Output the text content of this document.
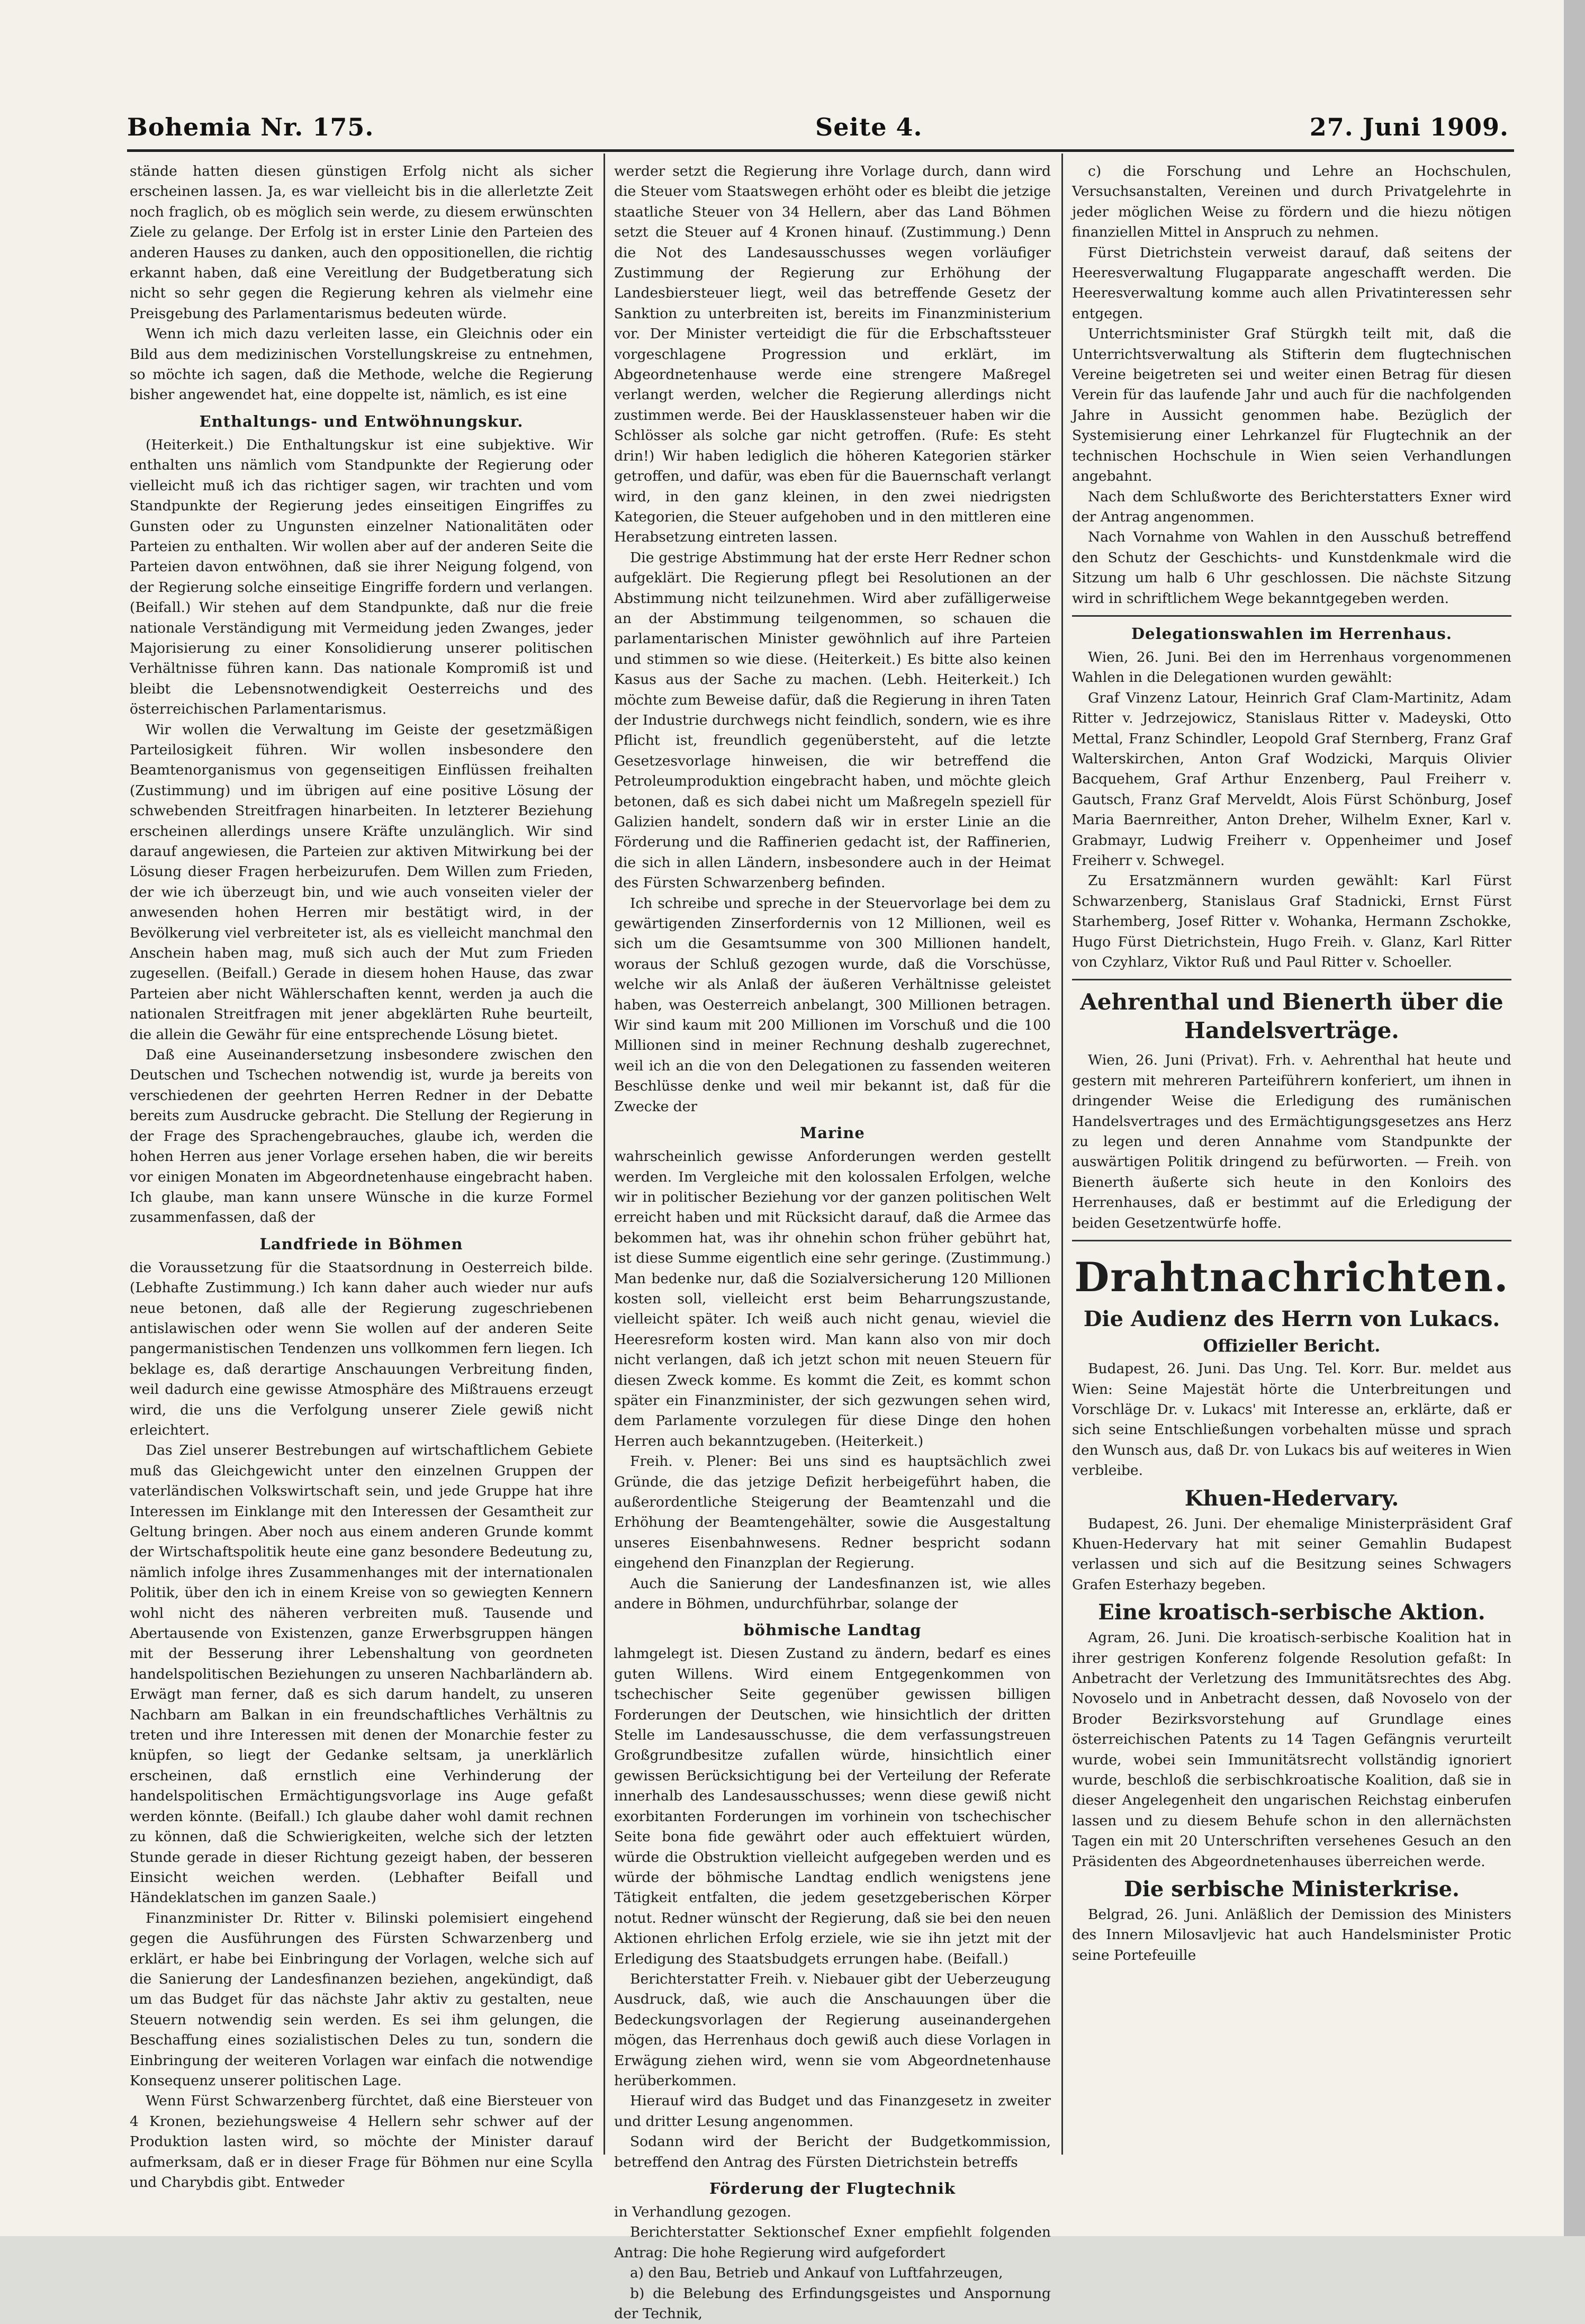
Bohemia Nr. 175.	Seite 4.	27. Juni 1909.

stände hatten diesen günstigen Erfolg nicht als sicher erscheinen lassen. Ja, es war vielleicht bis in die allerletzte Zeit noch fraglich, ob es möglich sein werde, zu diesem erwünschten Ziele zu gelange. Der Erfolg ist in erster Linie den Parteien des anderen Hauses zu danken, auch den oppositionellen, die richtig erkannt haben, daß eine Vereitlung der Budgetberatung sich nicht so sehr gegen die Regierung kehren als vielmehr eine Preisgebung des Parlamentarismus bedeuten würde.

Wenn ich mich dazu verleiten lasse, ein Gleichnis oder ein Bild aus dem medizinischen Vorstellungskreise zu entnehmen, so möchte ich sagen, daß die Methode, welche die Regierung bisher angewendet hat, eine doppelte ist, nämlich, es ist eine

Enthaltungs- und Entwöhnungskur.

(Heiterkeit.) Die Enthaltungskur ist eine subjektive. Wir enthalten uns nämlich vom Standpunkte der Regierung oder vielleicht muß ich das richtiger sagen, wir trachten und vom Standpunkte der Regierung jedes einseitigen Eingriffes zu Gunsten oder zu Ungunsten einzelner Nationalitäten oder Parteien zu enthalten. Wir wollen aber auf der anderen Seite die Parteien davon entwöhnen, daß sie ihrer Neigung folgend, von der Regierung solche einseitige Eingriffe fordern und verlangen. (Beifall.) Wir stehen auf dem Standpunkte, daß nur die freie nationale Verständigung mit Vermeidung jeden Zwanges, jeder Majorisierung zu einer Konsolidierung unserer politischen Verhältnisse führen kann. Das nationale Kompromiß ist und bleibt die Lebensnotwendigkeit Oesterreichs und des österreichischen Parlamentarismus.

Wir wollen die Verwaltung im Geiste der gesetzmäßigen Parteilosigkeit führen. Wir wollen insbesondere den Beamtenorganismus von gegenseitigen Einflüssen freihalten (Zustimmung) und im übrigen auf eine positive Lösung der schwebenden Streitfragen hinarbeiten. In letzterer Beziehung erscheinen allerdings unsere Kräfte unzulänglich. Wir sind darauf angewiesen, die Parteien zur aktiven Mitwirkung bei der Lösung dieser Fragen herbeizurufen. Dem Willen zum Frieden, der wie ich überzeugt bin, und wie auch vonseiten vieler der anwesenden hohen Herren mir bestätigt wird, in der Bevölkerung viel verbreiteter ist, als es vielleicht manchmal den Anschein haben mag, muß sich auch der Mut zum Frieden zugesellen. (Beifall.) Gerade in diesem hohen Hause, das zwar Parteien aber nicht Wählerschaften kennt, werden ja auch die nationalen Streitfragen mit jener abgeklärten Ruhe beurteilt, die allein die Gewähr für eine entsprechende Lösung bietet.

Daß eine Auseinandersetzung insbesondere zwischen den Deutschen und Tschechen notwendig ist, wurde ja bereits von verschiedenen der geehrten Herren Redner in der Debatte bereits zum Ausdrucke gebracht. Die Stellung der Regierung in der Frage des Sprachengebrauches, glaube ich, werden die hohen Herren aus jener Vorlage ersehen haben, die wir bereits vor einigen Monaten im Abgeordnetenhause eingebracht haben. Ich glaube, man kann unsere Wünsche in die kurze Formel zusammenfassen, daß der

Landfriede in Böhmen

die Voraussetzung für die Staatsordnung in Oesterreich bilde. (Lebhafte Zustimmung.) Ich kann daher auch wieder nur aufs neue betonen, daß alle der Regierung zugeschriebenen antislawischen oder wenn Sie wollen auf der anderen Seite pangermanistischen Tendenzen uns vollkommen fern liegen. Ich beklage es, daß derartige Anschauungen Verbreitung finden, weil dadurch eine gewisse Atmosphäre des Mißtrauens erzeugt wird, die uns die Verfolgung unserer Ziele gewiß nicht erleichtert.

Das Ziel unserer Bestrebungen auf wirtschaftlichem Gebiete muß das Gleichgewicht unter den einzelnen Gruppen der vaterländischen Volkswirtschaft sein, und jede Gruppe hat ihre Interessen im Einklange mit den Interessen der Gesamtheit zur Geltung bringen. Aber noch aus einem anderen Grunde kommt der Wirtschaftspolitik heute eine ganz besondere Bedeutung zu, nämlich infolge ihres Zusammenhanges mit der internationalen Politik, über den ich in einem Kreise von so gewiegten Kennern wohl nicht des näheren verbreiten muß. Tausende und Abertausende von Existenzen, ganze Erwerbsgruppen hängen mit der Besserung ihrer Lebenshaltung von geordneten handelspolitischen Beziehungen zu unseren Nachbarländern ab. Erwägt man ferner, daß es sich darum handelt, zu unseren Nachbarn am Balkan in ein freundschaftliches Verhältnis zu treten und ihre Interessen mit denen der Monarchie fester zu knüpfen, so liegt der Gedanke seltsam, ja unerklärlich erscheinen, daß ernstlich eine Verhinderung der handelspolitischen Ermächtigungsvorlage ins Auge gefaßt werden könnte. (Beifall.) Ich glaube daher wohl damit rechnen zu können, daß die Schwierigkeiten, welche sich der letzten Stunde gerade in dieser Richtung gezeigt haben, der besseren Einsicht weichen werden. (Lebhafter Beifall und Händeklatschen im ganzen Saale.)

Finanzminister Dr. Ritter v. Bilinski polemisiert eingehend gegen die Ausführungen des Fürsten Schwarzenberg und erklärt, er habe bei Einbringung der Vorlagen, welche sich auf die Sanierung der Landesfinanzen beziehen, angekündigt, daß um das Budget für das nächste Jahr aktiv zu gestalten, neue Steuern notwendig sein werden. Es sei ihm gelungen, die Beschaffung eines sozialistischen Deles zu tun, sondern die Einbringung der weiteren Vorlagen war einfach die notwendige Konsequenz unserer politischen Lage.

Wenn Fürst Schwarzenberg fürchtet, daß eine Biersteuer von 4 Kronen, beziehungsweise 4 Hellern sehr schwer auf der Produktion lasten wird, so möchte der Minister darauf aufmerksam, daß er in dieser Frage für Böhmen nur eine Scylla und Charybdis gibt. Entweder

werder setzt die Regierung ihre Vorlage durch, dann wird die Steuer vom Staatswegen erhöht oder es bleibt die jetzige staatliche Steuer von 34 Hellern, aber das Land Böhmen setzt die Steuer auf 4 Kronen hinauf. (Zustimmung.) Denn die Not des Landesausschusses wegen vorläufiger Zustimmung der Regierung zur Erhöhung der Landesbiersteuer liegt, weil das betreffende Gesetz der Sanktion zu unterbreiten ist, bereits im Finanzministerium vor. Der Minister verteidigt die für die Erbschaftssteuer vorgeschlagene Progression und erklärt, im Abgeordnetenhause werde eine strengere Maßregel verlangt werden, welcher die Regierung allerdings nicht zustimmen werde. Bei der Hausklassensteuer haben wir die Schlösser als solche gar nicht getroffen. (Rufe: Es steht drin!) Wir haben lediglich die höheren Kategorien stärker getroffen, und dafür, was eben für die Bauernschaft verlangt wird, in den ganz kleinen, in den zwei niedrigsten Kategorien, die Steuer aufgehoben und in den mittleren eine Herabsetzung eintreten lassen.

Die gestrige Abstimmung hat der erste Herr Redner schon aufgeklärt. Die Regierung pflegt bei Resolutionen an der Abstimmung nicht teilzunehmen. Wird aber zufälligerweise an der Abstimmung teilgenommen, so schauen die parlamentarischen Minister gewöhnlich auf ihre Parteien und stimmen so wie diese. (Heiterkeit.) Es bitte also keinen Kasus aus der Sache zu machen. (Lebh. Heiterkeit.) Ich möchte zum Beweise dafür, daß die Regierung in ihren Taten der Industrie durchwegs nicht feindlich, sondern, wie es ihre Pflicht ist, freundlich gegenübersteht, auf die letzte Gesetzesvorlage hinweisen, die wir betreffend die Petroleumproduktion eingebracht haben, und möchte gleich betonen, daß es sich dabei nicht um Maßregeln speziell für Galizien handelt, sondern daß wir in erster Linie an die Förderung und die Raffinerien gedacht ist, der Raffinerien, die sich in allen Ländern, insbesondere auch in der Heimat des Fürsten Schwarzenberg befinden.

Ich schreibe und spreche in der Steuervorlage bei dem zu gewärtigenden Zinserfordernis von 12 Millionen, weil es sich um die Gesamtsumme von 300 Millionen handelt, woraus der Schluß gezogen wurde, daß die Vorschüsse, welche wir als Anlaß der äußeren Verhältnisse geleistet haben, was Oesterreich anbelangt, 300 Millionen betragen. Wir sind kaum mit 200 Millionen im Vorschuß und die 100 Millionen sind in meiner Rechnung deshalb zugerechnet, weil ich an die von den Delegationen zu fassenden weiteren Beschlüsse denke und weil mir bekannt ist, daß für die Zwecke der

Marine

wahrscheinlich gewisse Anforderungen werden gestellt werden. Im Vergleiche mit den kolossalen Erfolgen, welche wir in politischer Beziehung vor der ganzen politischen Welt erreicht haben und mit Rücksicht darauf, daß die Armee das bekommen hat, was ihr ohnehin schon früher gebührt hat, ist diese Summe eigentlich eine sehr geringe. (Zustimmung.) Man bedenke nur, daß die Sozialversicherung 120 Millionen kosten soll, vielleicht erst beim Beharrungszustande, vielleicht später. Ich weiß auch nicht genau, wieviel die Heeresreform kosten wird. Man kann also von mir doch nicht verlangen, daß ich jetzt schon mit neuen Steuern für diesen Zweck komme. Es kommt die Zeit, es kommt schon später ein Finanzminister, der sich gezwungen sehen wird, dem Parlamente vorzulegen für diese Dinge den hohen Herren auch bekanntzugeben. (Heiterkeit.)

Freih. v. Plener: Bei uns sind es hauptsächlich zwei Gründe, die das jetzige Defizit herbeigeführt haben, die außerordentliche Steigerung der Beamtenzahl und die Erhöhung der Beamtengehälter, sowie die Ausgestaltung unseres Eisenbahnwesens. Redner bespricht sodann eingehend den Finanzplan der Regierung.

Auch die Sanierung der Landesfinanzen ist, wie alles andere in Böhmen, undurchführbar, solange der

böhmische Landtag

lahmgelegt ist. Diesen Zustand zu ändern, bedarf es eines guten Willens. Wird einem Entgegenkommen von tschechischer Seite gegenüber gewissen billigen Forderungen der Deutschen, wie hinsichtlich der dritten Stelle im Landesausschusse, die dem verfassungstreuen Großgrundbesitze zufallen würde, hinsichtlich einer gewissen Berücksichtigung bei der Verteilung der Referate innerhalb des Landesausschusses; wenn diese gewiß nicht exorbitanten Forderungen im vorhinein von tschechischer Seite bona fide gewährt oder auch effektuiert würden, würde die Obstruktion vielleicht aufgegeben werden und es würde der böhmische Landtag endlich wenigstens jene Tätigkeit entfalten, die jedem gesetzgeberischen Körper notut. Redner wünscht der Regierung, daß sie bei den neuen Aktionen ehrlichen Erfolg erziele, wie sie ihn jetzt mit der Erledigung des Staatsbudgets errungen habe. (Beifall.)

Berichterstatter Freih. v. Niebauer gibt der Ueberzeugung Ausdruck, daß, wie auch die Anschauungen über die Bedeckungsvorlagen der Regierung auseinandergehen mögen, das Herrenhaus doch gewiß auch diese Vorlagen in Erwägung ziehen wird, wenn sie vom Abgeordnetenhause herüberkommen.

Hierauf wird das Budget und das Finanzgesetz in zweiter und dritter Lesung angenommen.

Sodann wird der Bericht der Budgetkommission, betreffend den Antrag des Fürsten Dietrichstein betreffs

Förderung der Flugtechnik

in Verhandlung gezogen.

Berichterstatter Sektionschef Exner empfiehlt folgenden Antrag: Die hohe Regierung wird aufgefordert

a) den Bau, Betrieb und Ankauf von Luftfahrzeugen,

b) die Belebung des Erfindungsgeistes und Anspornung der Technik,

c) die Forschung und Lehre an Hochschulen, Versuchsanstalten, Vereinen und durch Privatgelehrte in jeder möglichen Weise zu fördern und die hiezu nötigen finanziellen Mittel in Anspruch zu nehmen.

Fürst Dietrichstein verweist darauf, daß seitens der Heeresverwaltung Flugapparate angeschafft werden. Die Heeresverwaltung komme auch allen Privatinteressen sehr entgegen.

Unterrichtsminister Graf Stürgkh teilt mit, daß die Unterrichtsverwaltung als Stifterin dem flugtechnischen Vereine beigetreten sei und weiter einen Betrag für diesen Verein für das laufende Jahr und auch für die nachfolgenden Jahre in Aussicht genommen habe. Bezüglich der Systemisierung einer Lehrkanzel für Flugtechnik an der technischen Hochschule in Wien seien Verhandlungen angebahnt.

Nach dem Schlußworte des Berichterstatters Exner wird der Antrag angenommen.

Nach Vornahme von Wahlen in den Ausschuß betreffend den Schutz der Geschichts- und Kunstdenkmale wird die Sitzung um halb 6 Uhr geschlossen. Die nächste Sitzung wird in schriftlichem Wege bekanntgegeben werden.

Delegationswahlen im Herrenhaus.

Wien, 26. Juni. Bei den im Herrenhaus vorgenommenen Wahlen in die Delegationen wurden gewählt:

Graf Vinzenz Latour, Heinrich Graf Clam-Martinitz, Adam Ritter v. Jedrzejowicz, Stanislaus Ritter v. Madeyski, Otto Mettal, Franz Schindler, Leopold Graf Sternberg, Franz Graf Walterskirchen, Anton Graf Wodzicki, Marquis Olivier Bacquehem, Graf Arthur Enzenberg, Paul Freiherr v. Gautsch, Franz Graf Merveldt, Alois Fürst Schönburg, Josef Maria Baernreither, Anton Dreher, Wilhelm Exner, Karl v. Grabmayr, Ludwig Freiherr v. Oppenheimer und Josef Freiherr v. Schwegel.

Zu Ersatzmännern wurden gewählt: Karl Fürst Schwarzenberg, Stanislaus Graf Stadnicki, Ernst Fürst Starhemberg, Josef Ritter v. Wohanka, Hermann Zschokke, Hugo Fürst Dietrichstein, Hugo Freih. v. Glanz, Karl Ritter von Czyhlarz, Viktor Ruß und Paul Ritter v. Schoeller.

Aehrenthal und Bienerth über die Handelsverträge.

Wien, 26. Juni (Privat). Frh. v. Aehrenthal hat heute und gestern mit mehreren Parteiführern konferiert, um ihnen in dringender Weise die Erledigung des rumänischen Handelsvertrages und des Ermächtigungsgesetzes ans Herz zu legen und deren Annahme vom Standpunkte der auswärtigen Politik dringend zu befürworten. — Freih. von Bienerth äußerte sich heute in den Konloirs des Herrenhauses, daß er bestimmt auf die Erledigung der beiden Gesetzentwürfe hoffe.

Drahtnachrichten.
Die Audienz des Herrn von Lukacs.
Offizieller Bericht.

Budapest, 26. Juni. Das Ung. Tel. Korr. Bur. meldet aus Wien: Seine Majestät hörte die Unterbreitungen und Vorschläge Dr. v. Lukacs' mit Interesse an, erklärte, daß er sich seine Entschließungen vorbehalten müsse und sprach den Wunsch aus, daß Dr. von Lukacs bis auf weiteres in Wien verbleibe.

Khuen-Hedervary.

Budapest, 26. Juni. Der ehemalige Ministerpräsident Graf Khuen-Hedervary hat mit seiner Gemahlin Budapest verlassen und sich auf die Besitzung seines Schwagers Grafen Esterhazy begeben.

Eine kroatisch-serbische Aktion.

Agram, 26. Juni. Die kroatisch-serbische Koalition hat in ihrer gestrigen Konferenz folgende Resolution gefaßt: In Anbetracht der Verletzung des Immunitätsrechtes des Abg. Novoselo und in Anbetracht dessen, daß Novoselo von der Broder Bezirksvorstehung auf Grundlage eines österreichischen Patents zu 14 Tagen Gefängnis verurteilt wurde, wobei sein Immunitätsrecht vollständig ignoriert wurde, beschloß die serbischkroatische Koalition, daß sie in dieser Angelegenheit den ungarischen Reichstag einberufen lassen und zu diesem Behufe schon in den allernächsten Tagen ein mit 20 Unterschriften versehenes Gesuch an den Präsidenten des Abgeordnetenhauses überreichen werde.

Die serbische Ministerkrise.

Belgrad, 26. Juni. Anläßlich der Demission des Ministers des Innern Milosavljevic hat auch Handelsminister Protic seine Portefeuille
